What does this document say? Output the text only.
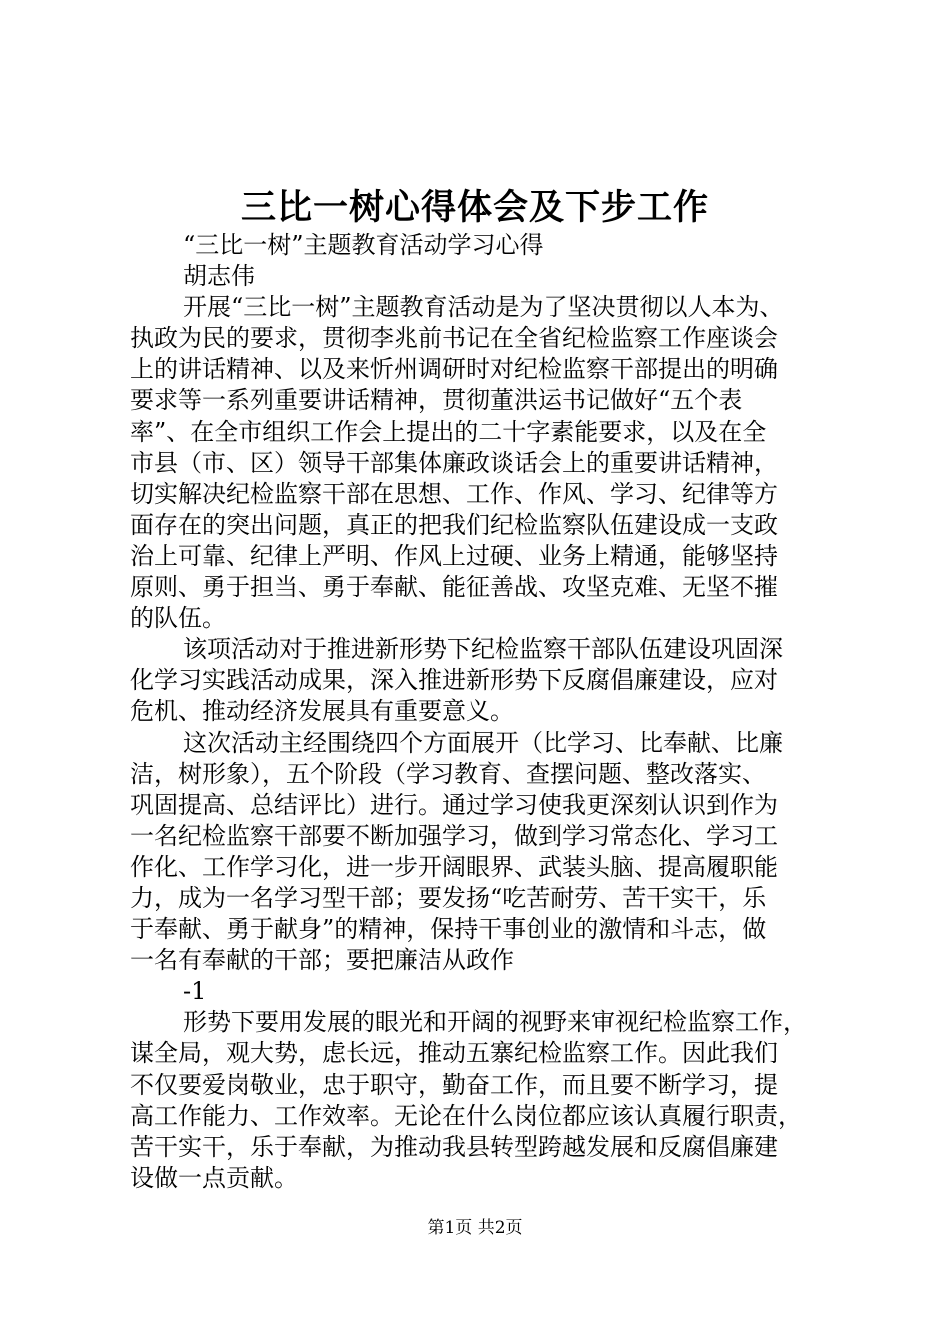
三比一树心得体会及下步工作
“三比一树”主题教育活动学习心得
胡志伟
开展“三比一树”主题教育活动是为了坚决贯彻以人本为、
执政为民的要求，贯彻李兆前书记在全省纪检监察工作座谈会
上的讲话精神、以及来忻州调研时对纪检监察干部提出的明确
要求等一系列重要讲话精神，贯彻董洪运书记做好“五个表
率”、在全市组织工作会上提出的二十字素能要求，以及在全
市县（市、区）领导干部集体廉政谈话会上的重要讲话精神，
切实解决纪检监察干部在思想、工作、作风、学习、纪律等方
面存在的突出问题，真正的把我们纪检监察队伍建设成一支政
治上可靠、纪律上严明、作风上过硬、业务上精通，能够坚持
原则、勇于担当、勇于奉献、能征善战、攻坚克难、无坚不摧
的队伍。
该项活动对于推进新形势下纪检监察干部队伍建设巩固深
化学习实践活动成果，深入推进新形势下反腐倡廉建设，应对
危机、推动经济发展具有重要意义。
这次活动主经围绕四个方面展开（比学习、比奉献、比廉
洁，树形象），五个阶段（学习教育、查摆问题、整改落实、
巩固提高、总结评比）进行。通过学习使我更深刻认识到作为
一名纪检监察干部要不断加强学习，做到学习常态化、学习工
作化、工作学习化，进一步开阔眼界、武装头脑、提高履职能
力，成为一名学习型干部；要发扬“吃苦耐劳、苦干实干，乐
于奉献、勇于献身”的精神，保持干事创业的激情和斗志，做
一名有奉献的干部；要把廉洁从政作
-1
形势下要用发展的眼光和开阔的视野来审视纪检监察工作，
谋全局，观大势，虑长远，推动五寨纪检监察工作。因此我们
不仅要爱岗敬业，忠于职守，勤奋工作，而且要不断学习，提
高工作能力、工作效率。无论在什么岗位都应该认真履行职责，
苦干实干，乐于奉献，为推动我县转型跨越发展和反腐倡廉建
设做一点贡献。
第1页 共2页
